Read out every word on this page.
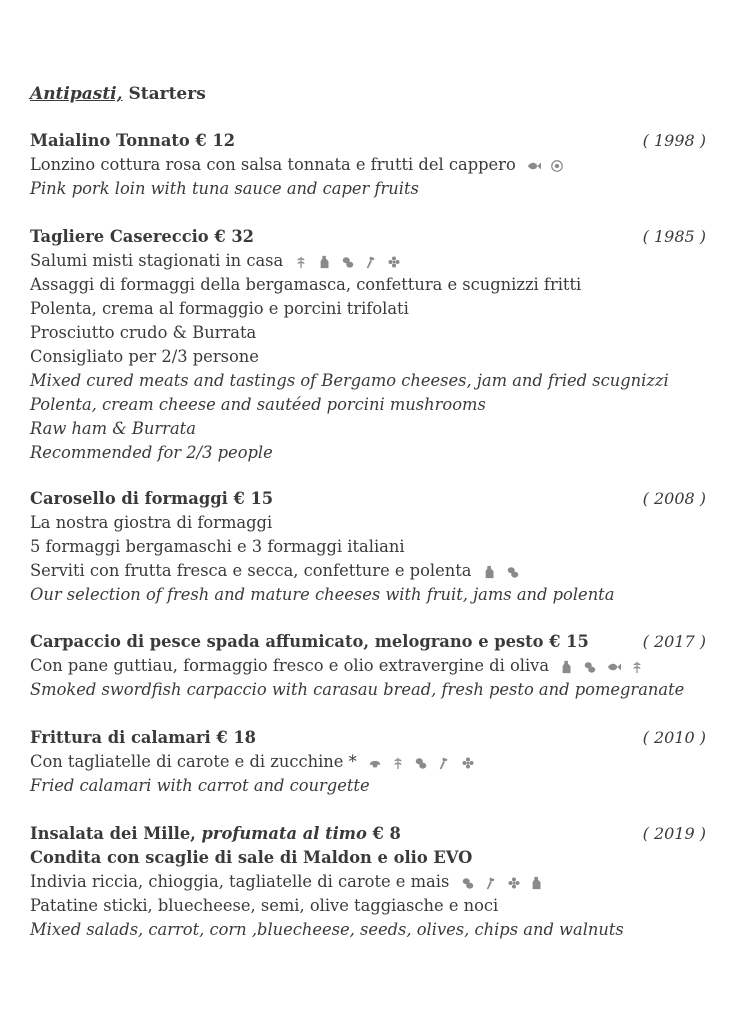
Antipasti, Starters
Maialino Tonnato € 12	( 1998 )
Lonzino cottura rosa con salsa tonnata e frutti del cappero
Pink pork loin with tuna sauce and caper fruits
Tagliere Casereccio € 32	( 1985 )
Salumi misti stagionati in casa
Assaggi di formaggi della bergamasca, confettura e scugnizzi fritti
Polenta, crema al formaggio e porcini trifolati
Prosciutto crudo & Burrata
Consigliato per 2/3 persone
Mixed cured meats and tastings of Bergamo cheeses, jam and fried scugnizzi
Polenta, cream cheese and sautéed porcini mushrooms
Raw ham & Burrata
Recommended for 2/3 people
Carosello di formaggi € 15	( 2008 )
La nostra giostra di formaggi
5 formaggi bergamaschi e 3 formaggi italiani
Serviti con frutta fresca e secca, confetture e polenta
Our selection of fresh and mature cheeses with fruit, jams and polenta
Carpaccio di pesce spada affumicato, melograno e pesto € 15	( 2017 )
Con pane guttiau, formaggio fresco e olio extravergine di oliva
Smoked swordfish carpaccio with carasau bread, fresh pesto and pomegranate
Frittura di calamari € 18	( 2010 )
Con tagliatelle di carote e di zucchine *
Fried calamari with carrot and courgette
Insalata dei Mille, profumata al timo € 8	( 2019 )
Condita con scaglie di sale di Maldon e olio EVO
Indivia riccia, chioggia, tagliatelle di carote e mais
Patatine sticki, bluecheese, semi, olive taggiasche e noci
Mixed salads, carrot, corn ,bluecheese, seeds, olives, chips and walnuts
